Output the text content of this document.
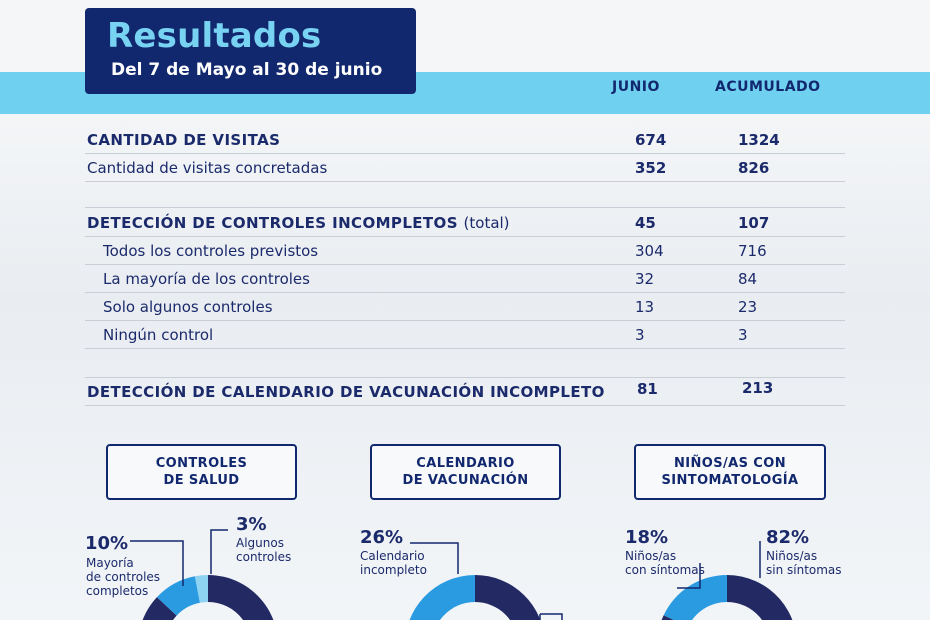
Resultados
Del 7 de Mayo al 30 de junio
JUNIO	ACUMULADO
CANTIDAD DE VISITAS	674	1324
Cantidad de visitas concretadas	352	826
DETECCIÓN DE CONTROLES INCOMPLETOS (total)	45	107
Todos los controles previstos	304	716
La mayoría de los controles	32	84
Solo algunos controles	13	23
Ningún control	3	3
DETECCIÓN DE CALENDARIO DE VACUNACIÓN INCOMPLETO 81	213
CONTROLES
DE SALUD
CALENDARIO
DE VACUNACIÓN
NIÑOS/AS CON
SINTOMATOLOGÍA
10%
Mayoría
de controles
completos
3%
Algunos
controles
26%
Calendario
incompleto
18%
Niños/as
con síntomas
82%
Niños/as
sin síntomas
